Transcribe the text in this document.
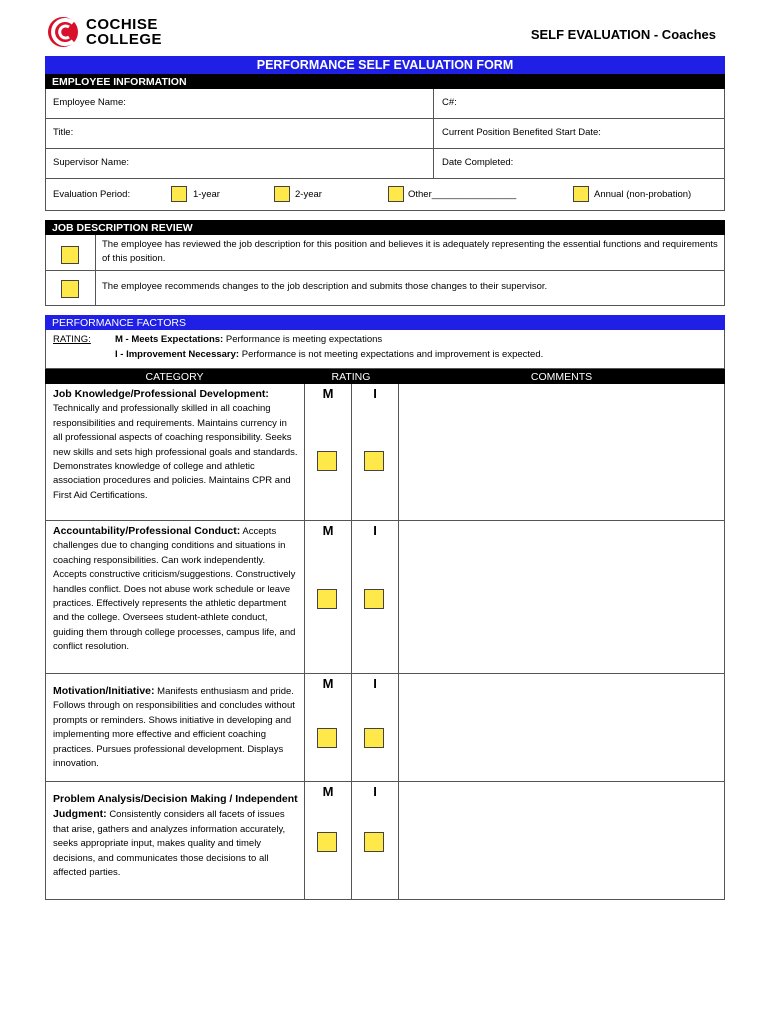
COCHISE
COLLEGE	SELF EVALUATION - Coaches
PERFORMANCE SELF EVALUATION FORM
EMPLOYEE INFORMATION
Employee Name:	C#:
Title:	Current Position Benefited Start Date:
Supervisor Name:	Date Completed:
Evaluation Period:	1-year	2-year	Other________________	Annual (non-probation)
JOB DESCRIPTION REVIEW
The employee has reviewed the job description for this position and believes it is adequately representing the essential functions and requirements of this position.
The employee recommends changes to the job description and submits those changes to their supervisor.
PERFORMANCE FACTORS
RATING:	M - Meets Expectations: Performance is meeting expectations
I - Improvement Necessary: Performance is not meeting expectations and improvement is expected.
CATEGORY	RATING	COMMENTS
Job Knowledge/Professional Development:
Technically and professionally skilled in all coaching responsibilities and requirements. Maintains currency in all professional aspects of coaching responsibility. Seeks new skills and sets high professional goals and standards. Demonstrates knowledge of college and athletic association procedures and policies. Maintains CPR and First Aid Certifications.
M	I
Accountability/Professional Conduct: Accepts challenges due to changing conditions and situations in coaching responsibilities. Can work independently. Accepts constructive criticism/suggestions. Constructively handles conflict. Does not abuse work schedule or leave practices. Effectively represents the athletic department and the college. Oversees student-athlete conduct, guiding them through college processes, campus life, and conflict resolution.
M	I
Motivation/Initiative: Manifests enthusiasm and pride. Follows through on responsibilities and concludes without prompts or reminders. Shows initiative in developing and implementing more effective and efficient coaching practices. Pursues professional development. Displays innovation.
M	I
Problem Analysis/Decision Making / Independent Judgment: Consistently considers all facets of issues that arise, gathers and analyzes information accurately, seeks appropriate input, makes quality and timely decisions, and communicates those decisions to all affected parties.
M	I
